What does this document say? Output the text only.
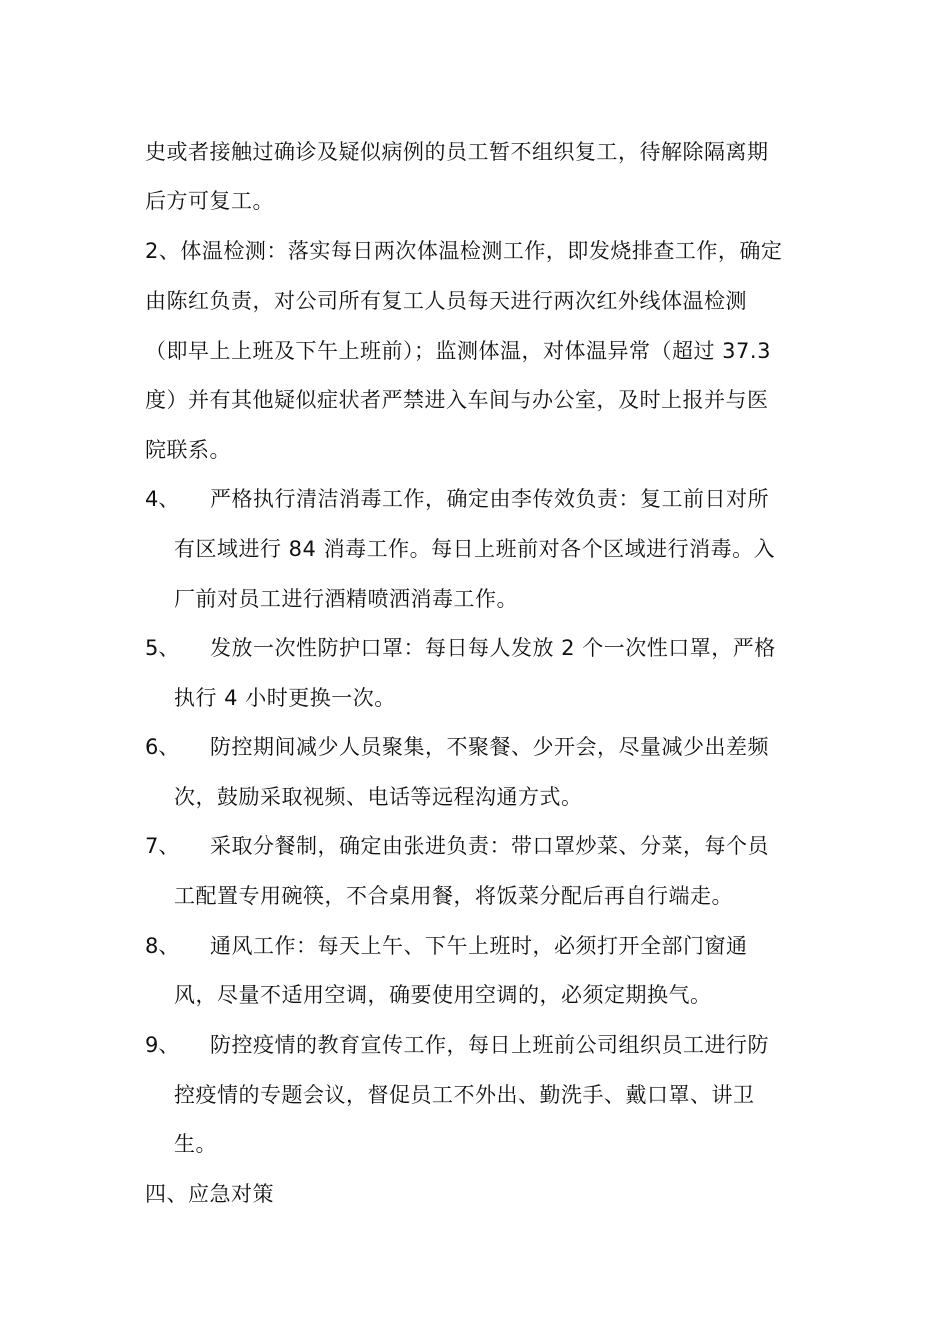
史或者接触过确诊及疑似病例的员工暂不组织复工，待解除隔离期
后方可复工。
2、体温检测：落实每日两次体温检测工作，即发烧排查工作，确定
由陈红负责，对公司所有复工人员每天进行两次红外线体温检测
（即早上上班及下午上班前）；监测体温，对体温异常（超过 37.3
度）并有其他疑似症状者严禁进入车间与办公室，及时上报并与医
院联系。
4、 严格执行清洁消毒工作，确定由李传效负责：复工前日对所
有区域进行 84 消毒工作。每日上班前对各个区域进行消毒。入
厂前对员工进行酒精喷洒消毒工作。
5、 发放一次性防护口罩：每日每人发放 2 个一次性口罩，严格
执行 4 小时更换一次。
6、 防控期间减少人员聚集，不聚餐、少开会，尽量减少出差频
次，鼓励采取视频、电话等远程沟通方式。
7、 采取分餐制，确定由张进负责：带口罩炒菜、分菜，每个员
工配置专用碗筷，不合桌用餐，将饭菜分配后再自行端走。
8、 通风工作：每天上午、下午上班时，必须打开全部门窗通
风，尽量不适用空调，确要使用空调的，必须定期换气。
9、 防控疫情的教育宣传工作，每日上班前公司组织员工进行防
控疫情的专题会议，督促员工不外出、勤洗手、戴口罩、讲卫
生。
四、应急对策
